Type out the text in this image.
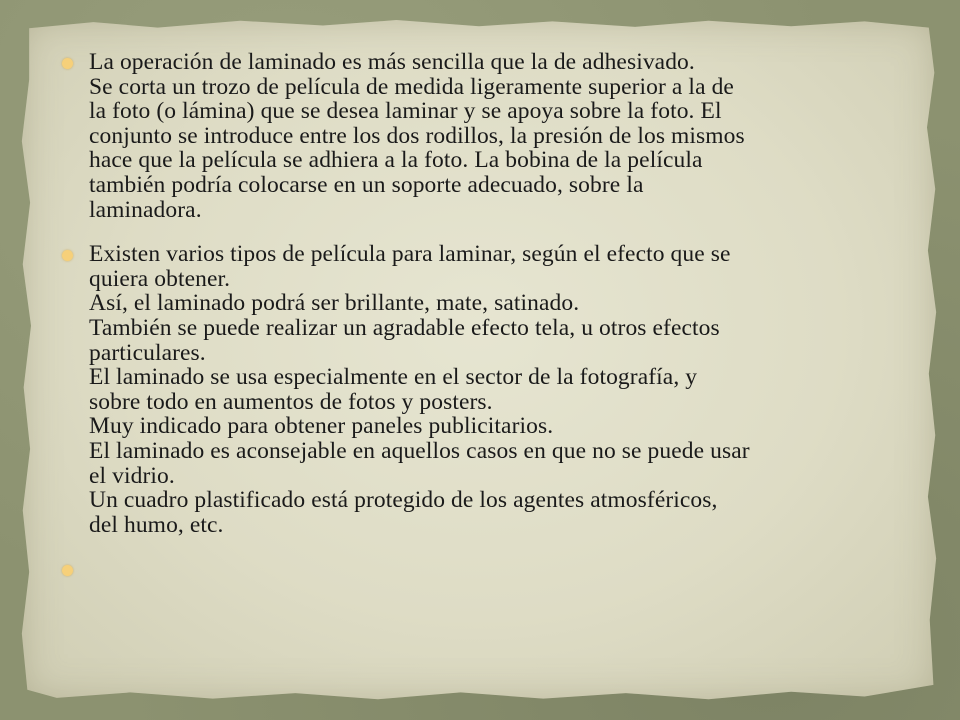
La operación de laminado es más sencilla que la de adhesivado.
Se corta un trozo de película de medida ligeramente superior a la de
la foto (o lámina) que se desea laminar y se apoya sobre la foto. El
conjunto se introduce entre los dos rodillos, la presión de los mismos
hace que la película se adhiera a la foto. La bobina de la película
también podría colocarse en un soporte adecuado, sobre la
laminadora.
Existen varios tipos de película para laminar, según el efecto que se
quiera obtener.
Así, el laminado podrá ser brillante, mate, satinado.
También se puede realizar un agradable efecto tela, u otros efectos
particulares.
El laminado se usa especialmente en el sector de la fotografía, y
sobre todo en aumentos de fotos y posters.
Muy indicado para obtener paneles publicitarios.
El laminado es aconsejable en aquellos casos en que no se puede usar
el vidrio.
Un cuadro plastificado está protegido de los agentes atmosféricos,
del humo, etc.
